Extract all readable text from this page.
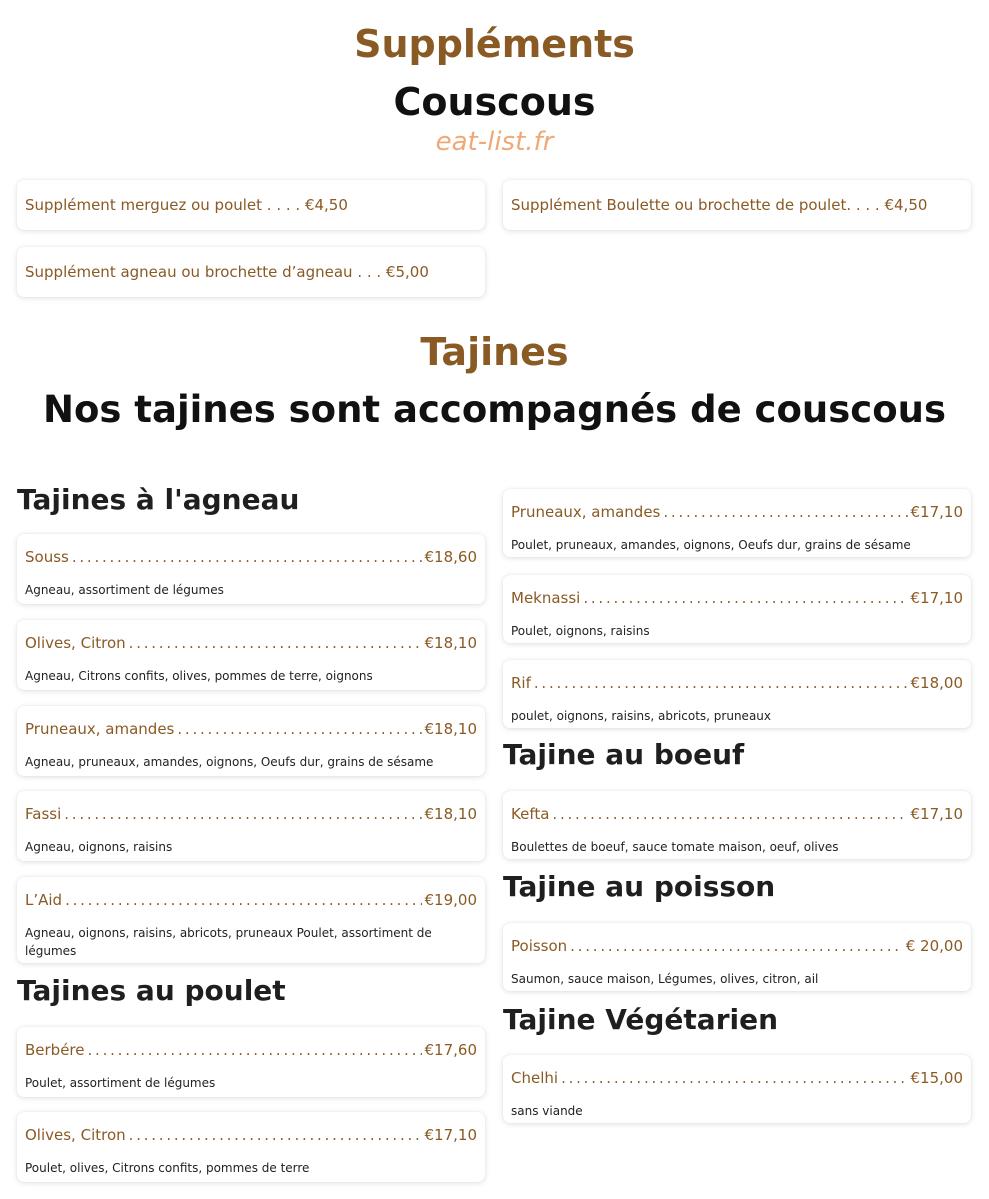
Suppléments
Couscous
eat-list.fr
Supplément merguez ou poulet . . . . €4,50	Supplément Boulette ou brochette de poulet. . . . €4,50
Supplément agneau ou brochette d’agneau . . . €5,00
Tajines
Nos tajines sont accompagnés de couscous
Tajines à l'agneau
Souss . . .	€18,60
Agneau, assortiment de légumes
Olives, Citron . . .	€18,10
Agneau, Citrons confits, olives, pommes de terre, oignons
Pruneaux, amandes . . .	€18,10
Agneau, pruneaux, amandes, oignons, Oeufs dur, grains de sésame
Fassi . . .	€18,10
Agneau, oignons, raisins
L’Aid . . .	€19,00
Agneau, oignons, raisins, abricots, pruneaux Poulet, assortiment de légumes
Tajines au poulet
Berbére . . .	€17,60
Poulet, assortiment de légumes
Olives, Citron . . .	€17,10
Poulet, olives, Citrons confits, pommes de terre
Pruneaux, amandes . . .	€17,10
Poulet, pruneaux, amandes, oignons, Oeufs dur, grains de sésame
Meknassi . . .	€17,10
Poulet, oignons, raisins
Rif . . .	€18,00
poulet, oignons, raisins, abricots, pruneaux
Tajine au boeuf
Kefta . . .	€17,10
Boulettes de boeuf, sauce tomate maison, oeuf, olives
Tajine au poisson
Poisson . . .	€ 20,00
Saumon, sauce maison, Légumes, olives, citron, ail
Tajine Végétarien
Chelhi . . .	€15,00
sans viande
